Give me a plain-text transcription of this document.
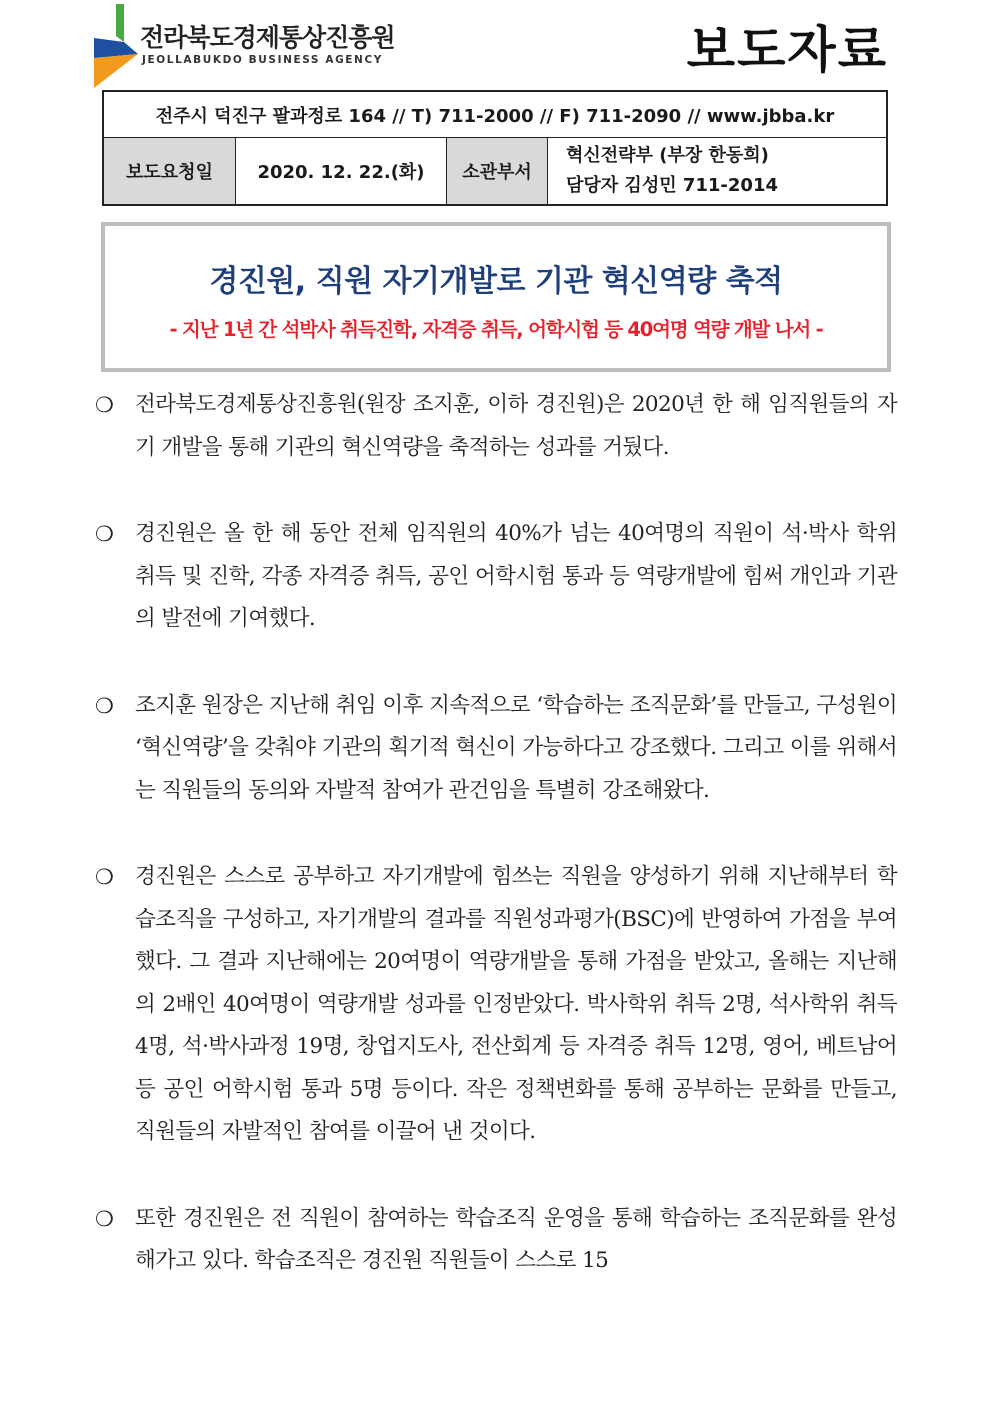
전라북도경제통상진흥원
JEOLLABUKDO BUSINESS AGENCY	보도자료
전주시 덕진구 팔과정로 164 // T) 711-2000 // F) 711-2090 // www.jbba.kr
보도요청일	2020. 12. 22.(화)	소관부서
혁신전략부 (부장 한동희)
담당자 김성민 711-2014
경진원, 직원 자기개발로 기관 혁신역량 축적
- 지난 1년 간 석박사 취득진학, 자격증 취득, 어학시험 등 40여명 역량 개발 나서 -
❍ 전라북도경제통상진흥원(원장 조지훈, 이하 경진원)은 2020년 한 해 임직원들의 자기 개발을 통해 기관의 혁신역량을 축적하는 성과를 거뒀다.
❍ 경진원은 올 한 해 동안 전체 임직원의 40%가 넘는 40여명의 직원이 석·박사 학위 취득 및 진학, 각종 자격증 취득, 공인 어학시험 통과 등 역량개발에 힘써 개인과 기관의 발전에 기여했다.
❍ 조지훈 원장은 지난해 취임 이후 지속적으로 ‘학습하는 조직문화’를 만들고, 구성원이 ‘혁신역량’을 갖춰야 기관의 획기적 혁신이 가능하다고 강조했다. 그리고 이를 위해서는 직원들의 동의와 자발적 참여가 관건임을 특별히 강조해왔다.
❍ 경진원은 스스로 공부하고 자기개발에 힘쓰는 직원을 양성하기 위해 지난해부터 학습조직을 구성하고, 자기개발의 결과를 직원성과평가(BSC)에 반영하여 가점을 부여했다. 그 결과 지난해에는 20여명이 역량개발을 통해 가점을 받았고, 올해는 지난해의 2배인 40여명이 역량개발 성과를 인정받았다. 박사학위 취득 2명, 석사학위 취득 4명, 석·박사과정 19명, 창업지도사, 전산회계 등 자격증 취득 12명, 영어, 베트남어 등 공인 어학시험 통과 5명 등이다. 작은 정책변화를 통해 공부하는 문화를 만들고, 직원들의 자발적인 참여를 이끌어 낸 것이다.
❍ 또한 경진원은 전 직원이 참여하는 학습조직 운영을 통해 학습하는 조직문화를 완성해가고 있다. 학습조직은 경진원 직원들이 스스로 15
